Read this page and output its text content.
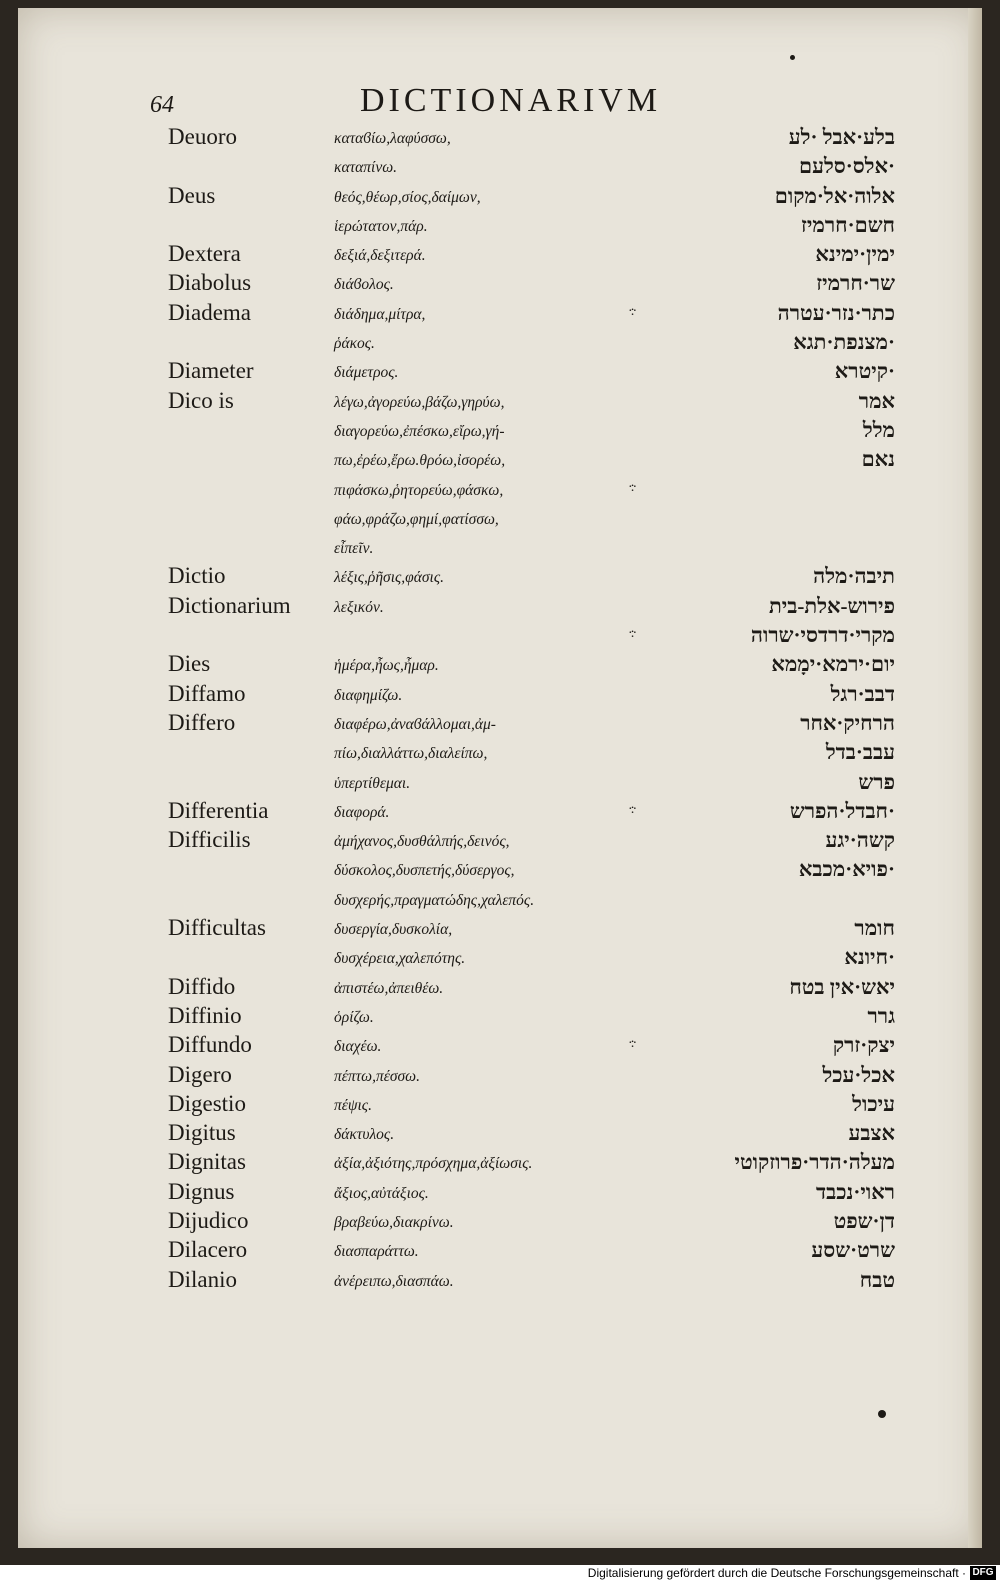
64	DICTIONARIVM
Deuoro	καταϐίω,λαφύσσω,	בלע·אבל ·לע
καταπίνω.	·אלס·סלעם
Deus	θεός,θέωρ,σίος,δαίμων,	אלוה·אל·מקום
ἱερώτατον,πάρ.	חשם·חרמיז
Dextera	δεξιά,δεξιτερά.	ימין·ימינא
Diabolus	διάϐολος.	שר·חרמיז
Diadema	διάδημα,μίτρα,	כתר·נזר·עטרה
·:·
ῥάκος.	·מצנפת·תגא
Diameter	διάμετρος.	·קיטרא
Dico is	λέγω,ἀγορεύω,βάζω,γηρύω,	אמר
διαγορεύω,ἐπέσκω,εἴρω,γή-	מלל
πω,ἐρέω,ἔρω.θρόω,ἰσορέω,	נאם
πιφάσκω,ῥητορεύω,φάσκω,	·:·
φάω,φράζω,φημί,φατίσσω,
εἶπεῖν.
Dictio	λέξις,ῥῆσις,φάσις.	תיבה·מלה
Dictionarium	λεξικόν.	פירוש-אלת-בית
מקרי·דרדסי·שרוה
·:·
Dies	ἡμέρα,ἦως,ἦμαρ.	יום·ירמא·ימָמא
Diffamo	διαφημίζω.	דבב·רגל
Differo	διαφέρω,ἀναϐάλλομαι,ἀμ-	הרחיק·אחר
πίω,διαλλάττω,διαλείπω,	עבב·בדל
ὑπερτίθεμαι.	פרש
Differentia	διαφορά.	·חבדל·הפרש
·:·
Difficilis	ἀμήχανος,δυσθάλπής,δεινός,	קשה·יגע
δύσκολος,δυσπετής,δύσεργος,	·פויא·מכבא
δυσχερής,πραγματώδης,χαλεπός.
Difficultas	δυσεργία,δυσκολία,	חומר
δυσχέρεια,χαλεπότης.	·חיונא
Diffido	ἀπιστέω,ἀπειθέω.	יאש·אין בטח
Diffinio	ὁρίζω.	גרר
Diffundo	διαχέω.	יצק·זרק
·:·
Digero	πέπτω,πέσσω.	אכל·עכל
Digestio	πέψις.	עיכול
Digitus	δάκτυλος.	אצבע
Dignitas	ἀξία,ἀξιότης,πρόσχημα,ἀξίωσις.	מעלה·הדר·פרוזקוטי
Dignus	ἄξιος,αὐτάξιος.	ראוי·נכבד
Dijudico	βραβεύω,διακρίνω.	דן·שפט
Dilacero	διασπαράττω.	שרט·שסע
Dilanio	ἀνέρειπω,διασπάω.	טבח
Digitalisierung gefördert durch die Deutsche Forschungsgemeinschaft · DFG
